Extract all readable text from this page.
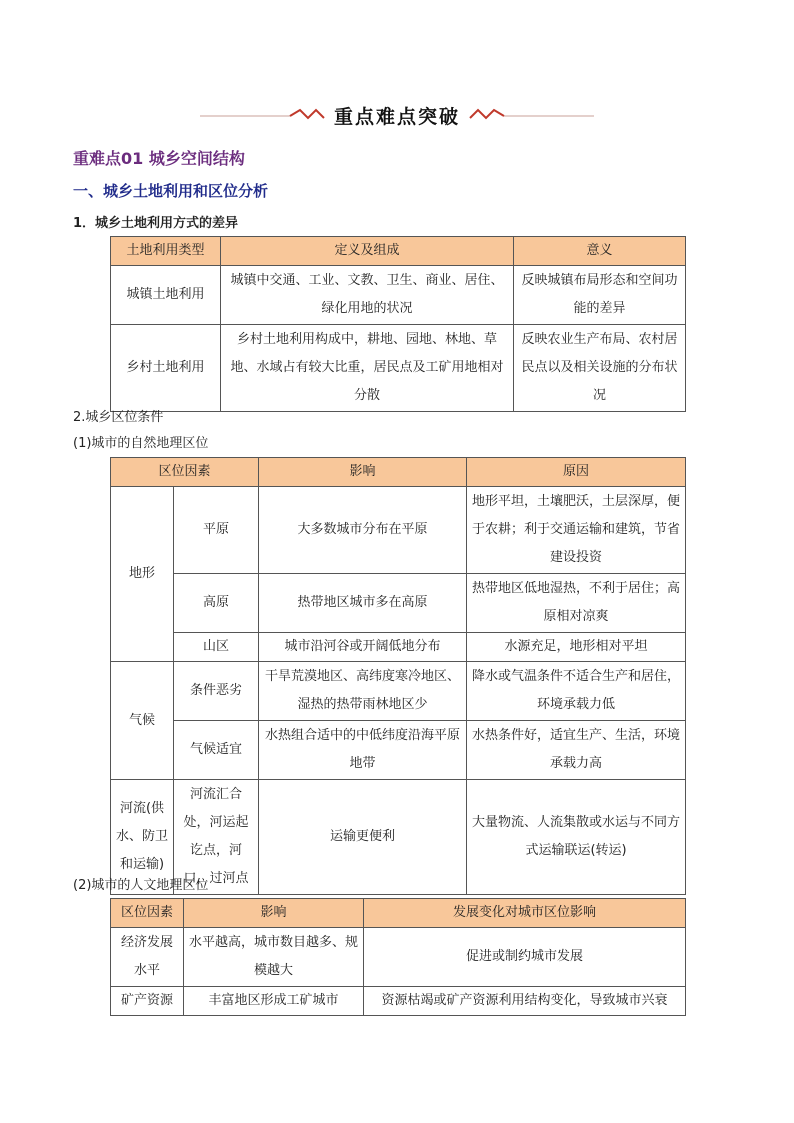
重点难点突破
重难点01 城乡空间结构
一、城乡土地利用和区位分析
1．城乡土地利用方式的差异
土地利用类型	定义及组成	意义
城镇土地利用	城镇中交通、工业、文教、卫生、商业、居住、绿化用地的状况	反映城镇布局形态和空间功能的差异
乡村土地利用	乡村土地利用构成中，耕地、园地、林地、草地、水域占有较大比重，居民点及工矿用地相对分散	反映农业生产布局、农村居民点以及相关设施的分布状况
2.城乡区位条件
(1)城市的自然地理区位
区位因素		影响	原因
地形	平原	大多数城市分布在平原	地形平坦，土壤肥沃，土层深厚，便于农耕；利于交通运输和建筑，节省建设投资
	高原	热带地区城市多在高原	热带地区低地湿热，不利于居住；高原相对凉爽
	山区	城市沿河谷或开阔低地分布	水源充足，地形相对平坦
气候	条件恶劣	干旱荒漠地区、高纬度寒冷地区、湿热的热带雨林地区少	降水或气温条件不适合生产和居住，环境承载力低
	气候适宜	水热组合适中的中低纬度沿海平原地带	水热条件好，适宜生产、生活，环境承载力高
河流(供水、防卫和运输)	河流汇合处，河运起讫点，河口，过河点	运输更便利	大量物流、人流集散或水运与不同方式运输联运(转运)
(2)城市的人文地理区位
区位因素	影响	发展变化对城市区位影响
经济发展水平	水平越高，城市数目越多、规模越大	促进或制约城市发展
矿产资源	丰富地区形成工矿城市	资源枯竭或矿产资源利用结构变化，导致城市兴衰
